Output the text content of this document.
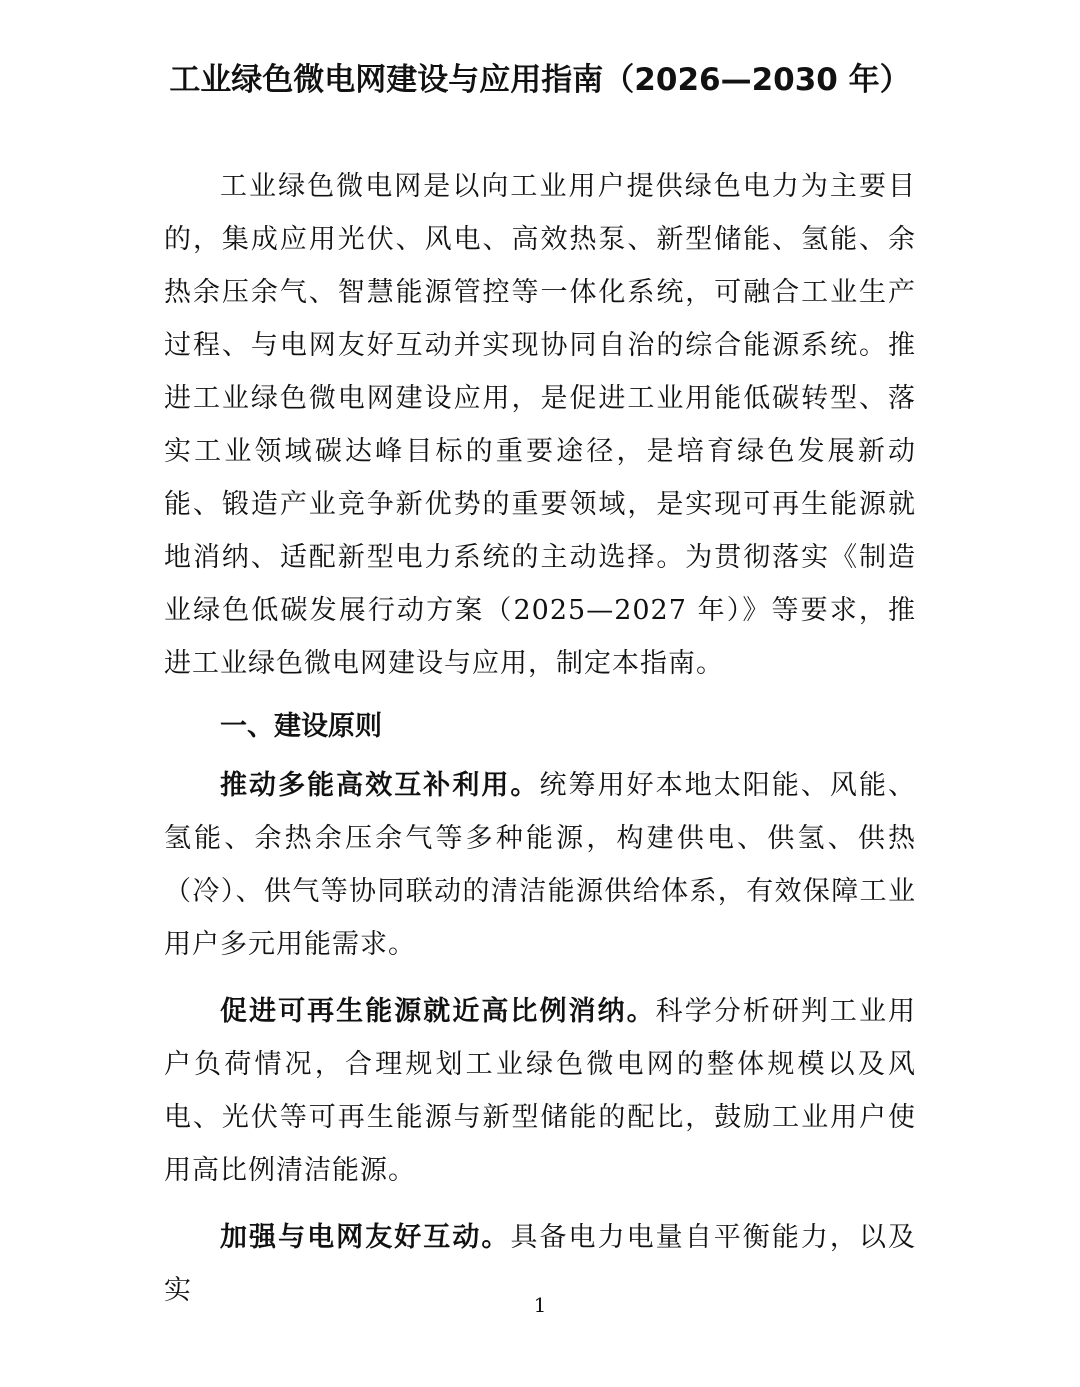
工业绿色微电网建设与应用指南（2026—2030 年）

工业绿色微电网是以向工业用户提供绿色电力为主要目的，集成应用光伏、风电、高效热泵、新型储能、氢能、余热余压余气、智慧能源管控等一体化系统，可融合工业生产过程、与电网友好互动并实现协同自治的综合能源系统。推进工业绿色微电网建设应用，是促进工业用能低碳转型、落实工业领域碳达峰目标的重要途径，是培育绿色发展新动能、锻造产业竞争新优势的重要领域，是实现可再生能源就地消纳、适配新型电力系统的主动选择。为贯彻落实《制造业绿色低碳发展行动方案（2025—2027 年）》等要求，推进工业绿色微电网建设与应用，制定本指南。

一、建设原则

推动多能高效互补利用。统筹用好本地太阳能、风能、氢能、余热余压余气等多种能源，构建供电、供氢、供热（冷）、供气等协同联动的清洁能源供给体系，有效保障工业用户多元用能需求。

促进可再生能源就近高比例消纳。科学分析研判工业用户负荷情况，合理规划工业绿色微电网的整体规模以及风电、光伏等可再生能源与新型储能的配比，鼓励工业用户使用高比例清洁能源。

加强与电网友好互动。具备电力电量自平衡能力，以及实	1
